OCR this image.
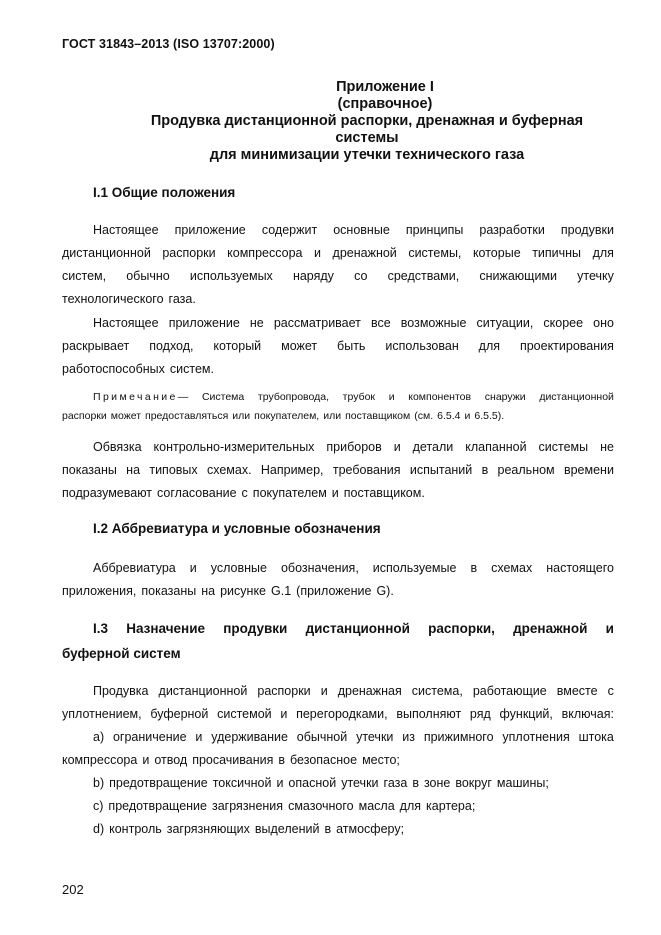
ГОСТ 31843–2013 (ISO 13707:2000)
Приложение I
(справочное)
Продувка дистанционной распорки, дренажная и буферная
системы
для минимизации утечки технического газа
I.1 Общие положения
Настоящее приложение содержит основные принципы разработки продувки
дистанционной распорки компрессора и дренажной системы, которые типичны для
систем, обычно используемых наряду со средствами, снижающими утечку
технологического газа.
Настоящее приложение не рассматривает все возможные ситуации, скорее оно
раскрывает подход, который может быть использован для проектирования
работоспособных систем.
Примечание — Система трубопровода, трубок и компонентов снаружи дистанционной
распорки может предоставляться или покупателем, или поставщиком (см. 6.5.4 и 6.5.5).
Обвязка контрольно-измерительных приборов и детали клапанной системы не
показаны на типовых схемах. Например, требования испытаний в реальном времени
подразумевают согласование с покупателем и поставщиком.
I.2 Аббревиатура и условные обозначения
Аббревиатура и условные обозначения, используемые в схемах настоящего
приложения, показаны на рисунке G.1 (приложение G).
I.3 Назначение продувки дистанционной распорки, дренажной и
буферной систем
Продувка дистанционной распорки и дренажная система, работающие вместе с
уплотнением, буферной системой и перегородками, выполняют ряд функций, включая:
а) ограничение и удерживание обычной утечки из прижимного уплотнения штока
компрессора и отвод просачивания в безопасное место;
b) предотвращение токсичной и опасной утечки газа в зоне вокруг машины;
c) предотвращение загрязнения смазочного масла для картера;
d) контроль загрязняющих выделений в атмосферу;
202
